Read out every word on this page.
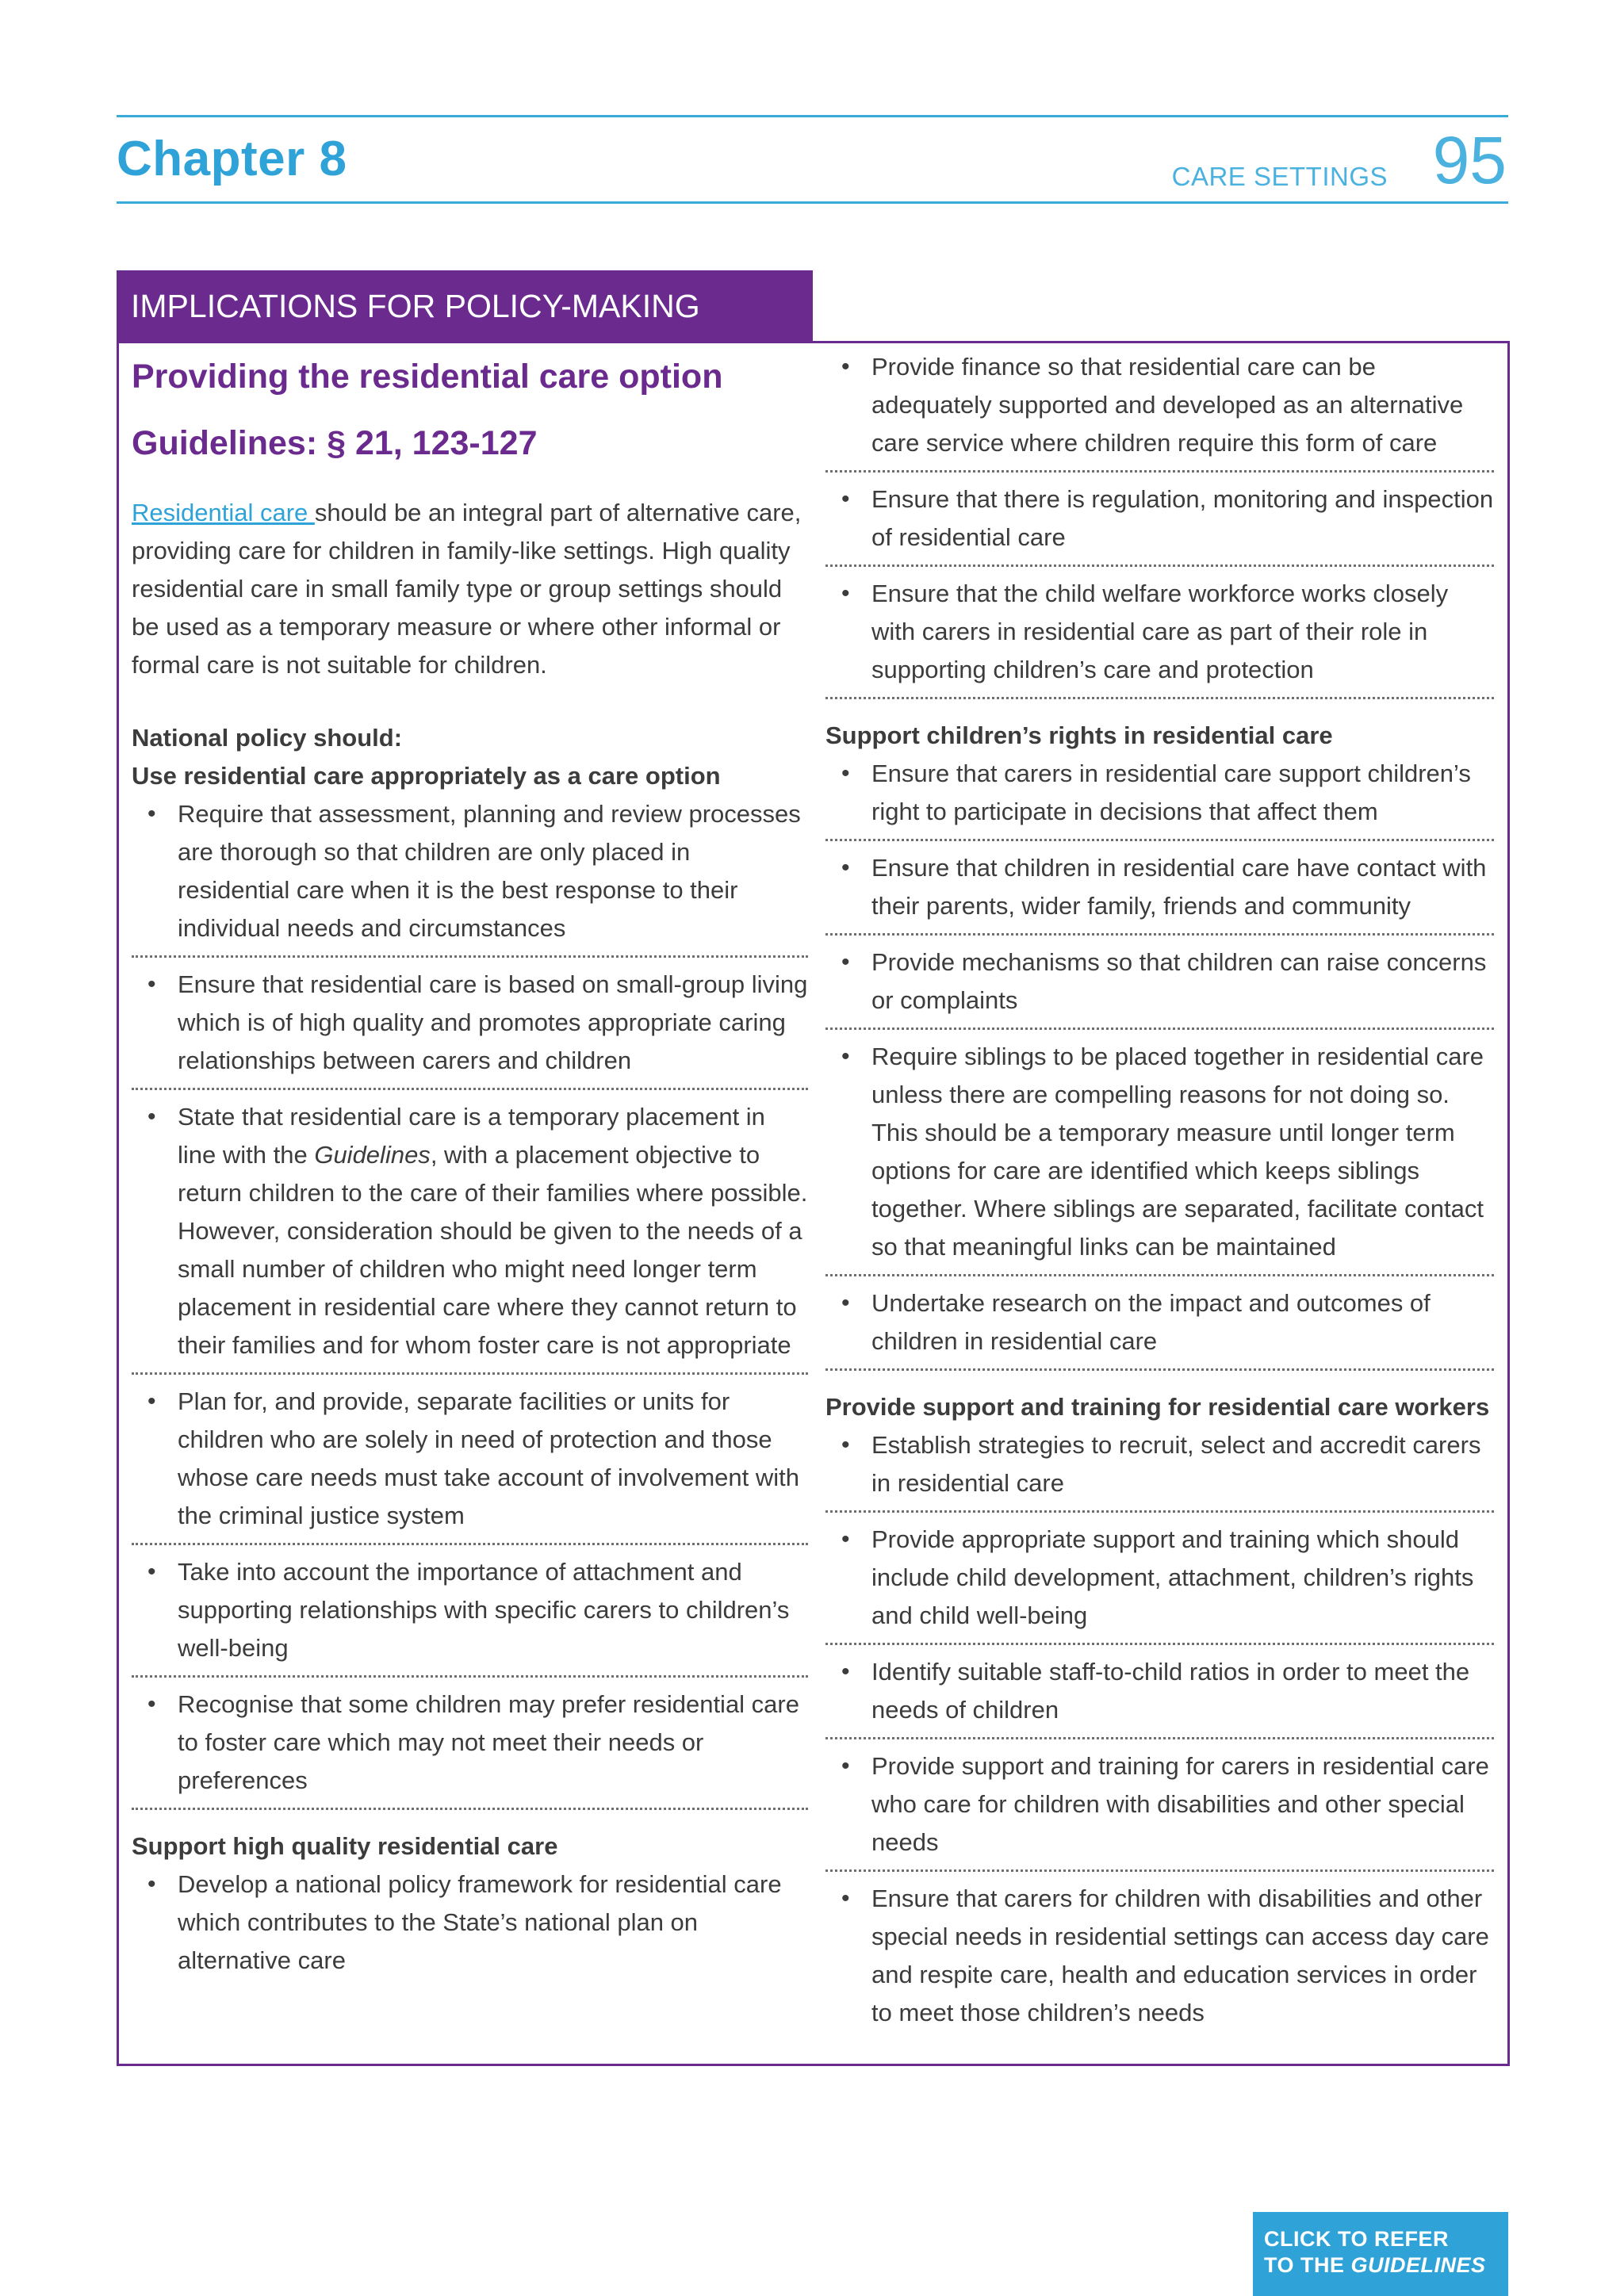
Chapter 8	CARE SETTINGS 95
IMPLICATIONS FOR POLICY-MAKING
Providing the residential care option
Guidelines: § 21, 123-127

Residential care should be an integral part of alternative care, providing care for children in family-like settings. High quality residential care in small family type or group settings should be used as a temporary measure or where other informal or formal care is not suitable for children.

National policy should:

Use residential care appropriately as a care option

• Require that assessment, planning and review processes are thorough so that children are only placed in residential care when it is the best response to their individual needs and circumstances
• Ensure that residential care is based on small-group living which is of high quality and promotes appropriate caring relationships between carers and children
• State that residential care is a temporary placement in line with the Guidelines, with a placement objective to return children to the care of their families where possible. However, consideration should be given to the needs of a small number of children who might need longer term placement in residential care where they cannot return to their families and for whom foster care is not appropriate
• Plan for, and provide, separate facilities or units for children who are solely in need of protection and those whose care needs must take account of involvement with the criminal justice system
• Take into account the importance of attachment and supporting relationships with specific carers to children’s well-being
• Recognise that some children may prefer residential care to foster care which may not meet their needs or preferences

Support high quality residential care

• Develop a national policy framework for residential care which contributes to the State’s national plan on alternative care
• Provide finance so that residential care can be adequately supported and developed as an alternative care service where children require this form of care
• Ensure that there is regulation, monitoring and inspection of residential care
• Ensure that the child welfare workforce works closely with carers in residential care as part of their role in supporting children’s care and protection

Support children’s rights in residential care

• Ensure that carers in residential care support children’s right to participate in decisions that affect them
• Ensure that children in residential care have contact with their parents, wider family, friends and community
• Provide mechanisms so that children can raise concerns or complaints
• Require siblings to be placed together in residential care unless there are compelling reasons for not doing so. This should be a temporary measure until longer term options for care are identified which keeps siblings together. Where siblings are separated, facilitate contact so that meaningful links can be maintained
• Undertake research on the impact and outcomes of children in residential care

Provide support and training for residential care workers

• Establish strategies to recruit, select and accredit carers in residential care
• Provide appropriate support and training which should include child development, attachment, children’s rights and child well-being
• Identify suitable staff-to-child ratios in order to meet the needs of children
• Provide support and training for carers in residential care who care for children with disabilities and other special needs
• Ensure that carers for children with disabilities and other special needs in residential settings can access day care and respite care, health and education services in order to meet those children’s needs
CLICK TO REFER
TO THE GUIDELINES
